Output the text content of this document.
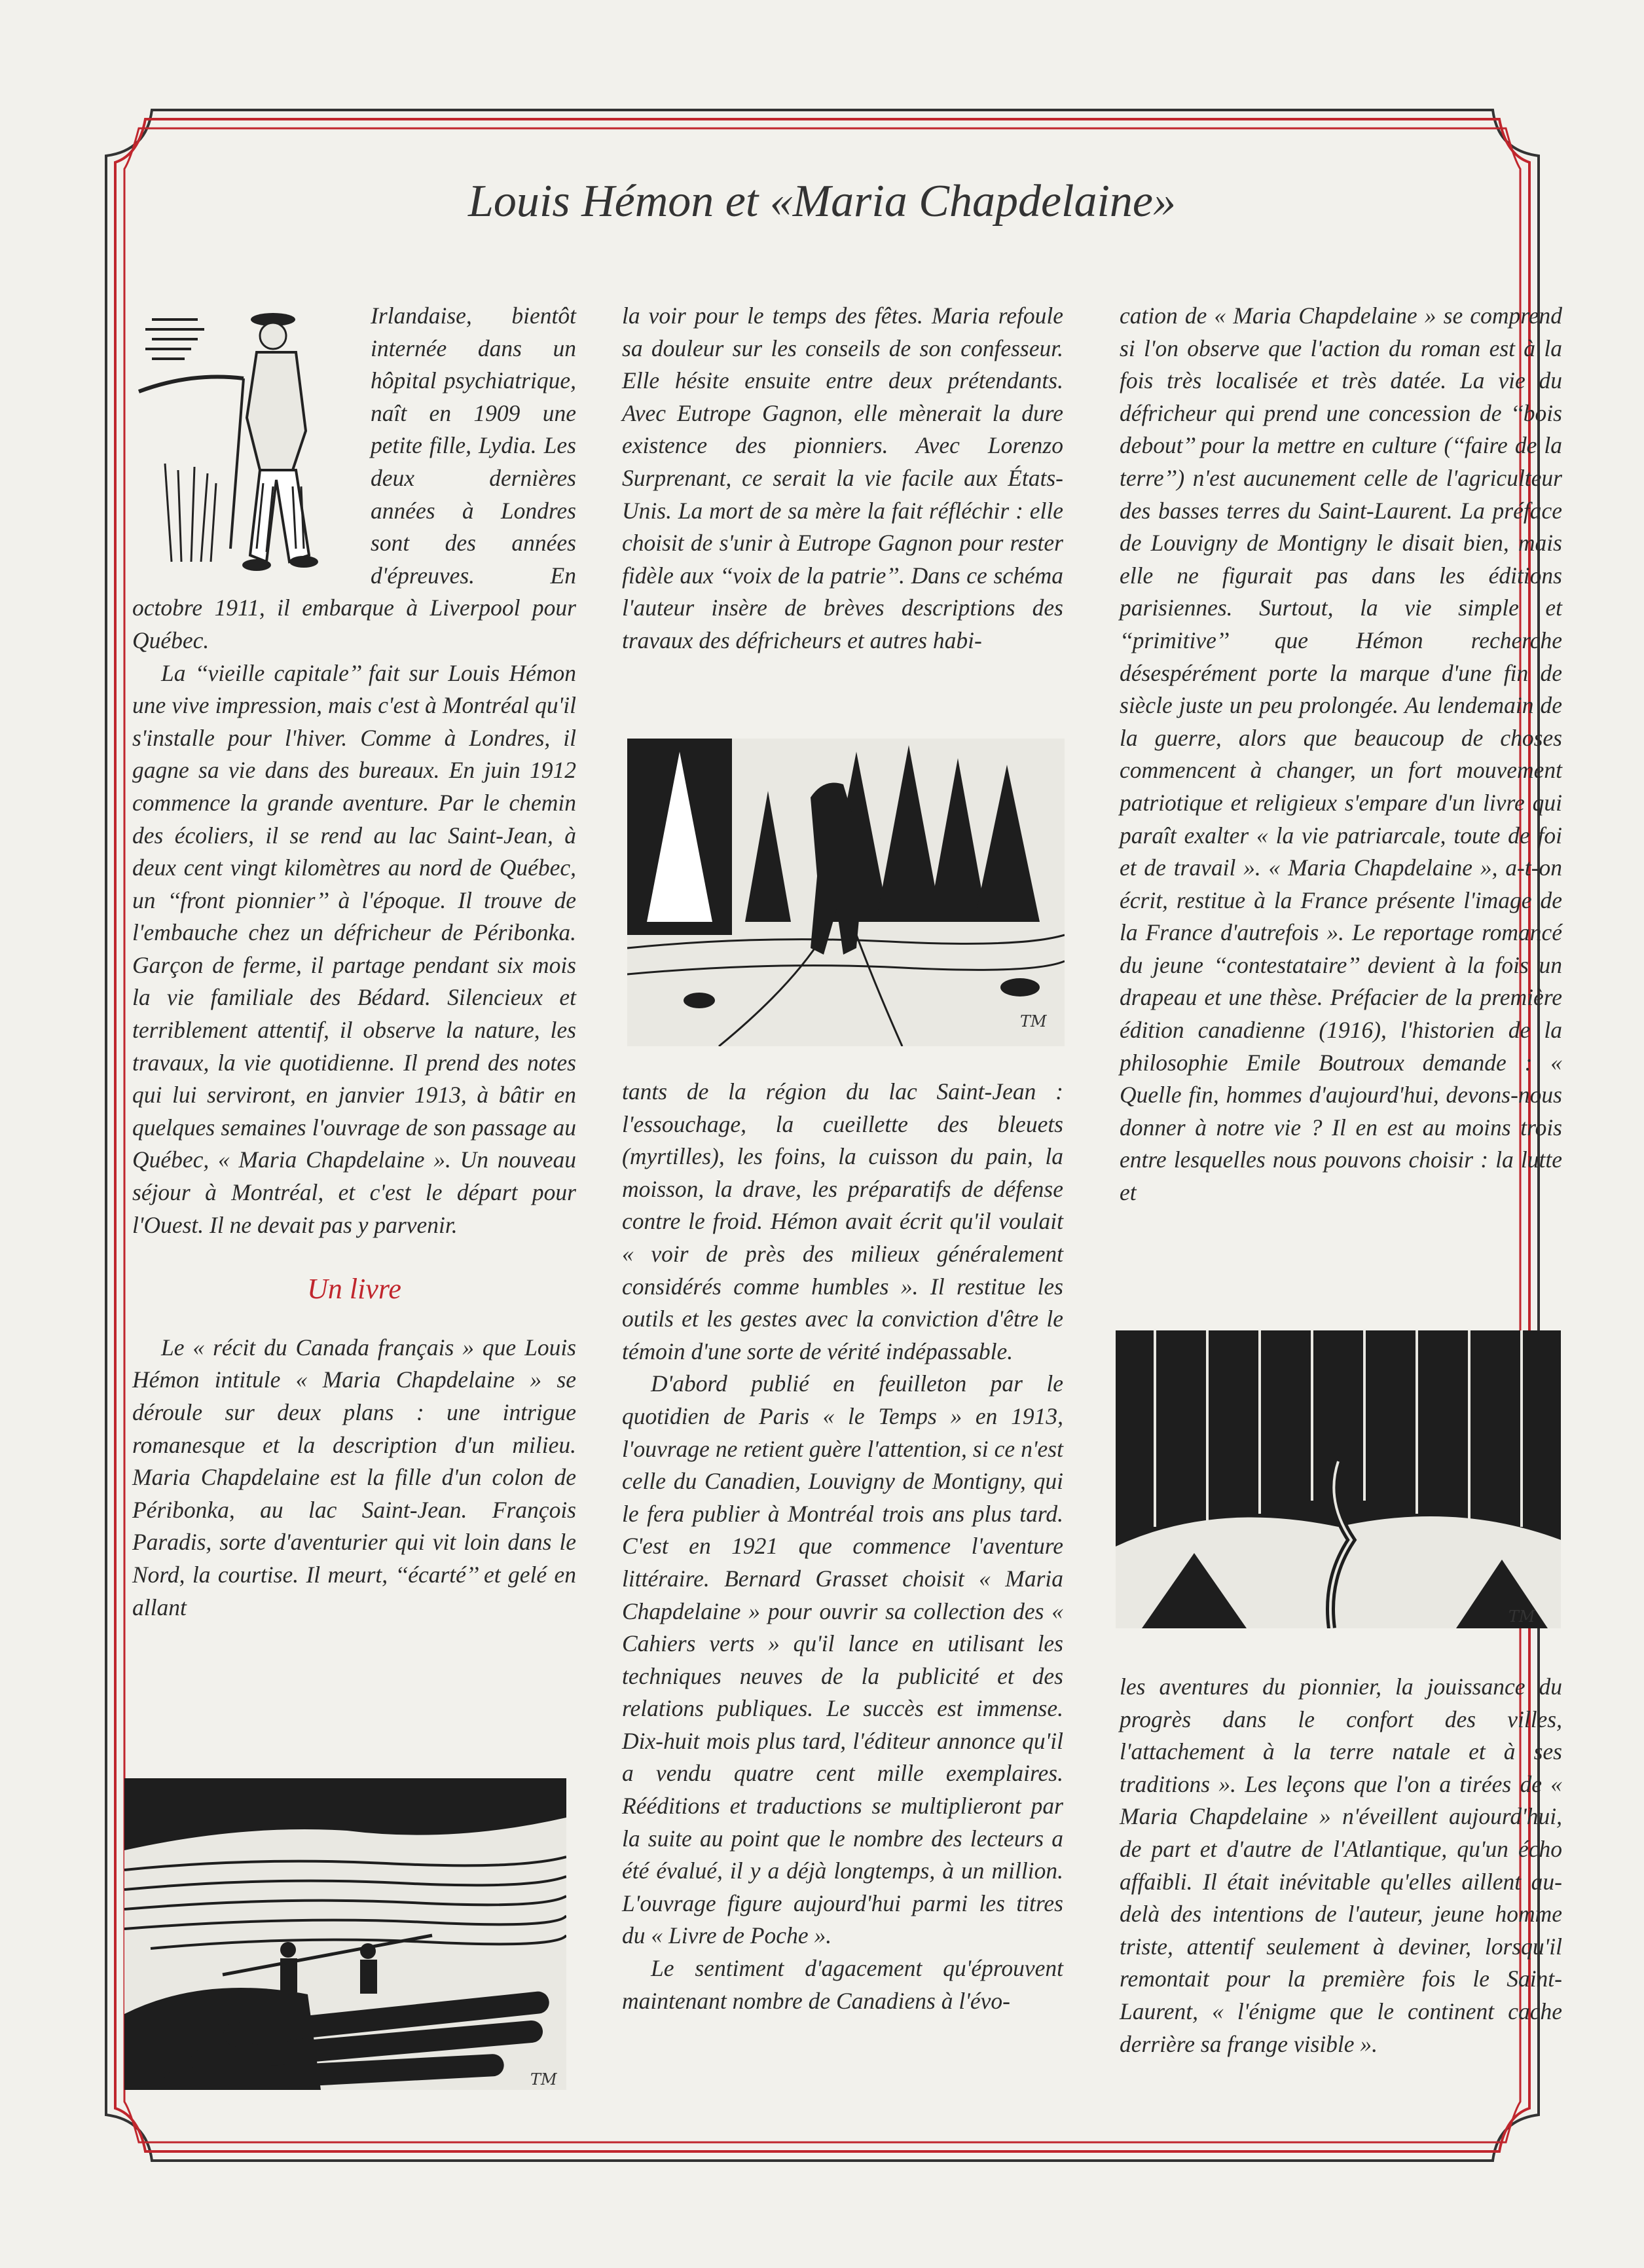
Louis Hémon et «Maria Chapdelaine»

Irlandaise, bientôt internée dans un hôpital psychiatrique, naît en 1909 une petite fille, Lydia. Les deux dernières années à Londres sont des années d'épreuves. En octobre 1911, il embarque à Liverpool pour Québec.

La ‘‘vieille capitale’’ fait sur Louis Hémon une vive impression, mais c'est à Montréal qu'il s'installe pour l'hiver. Comme à Londres, il gagne sa vie dans des bureaux. En juin 1912 commence la grande aventure. Par le chemin des écoliers, il se rend au lac Saint-Jean, à deux cent vingt kilomètres au nord de Québec, un ‘‘front pionnier’’ à l'époque. Il trouve de l'embauche chez un défricheur de Péribonka. Garçon de ferme, il partage pendant six mois la vie familiale des Bédard. Silencieux et terriblement attentif, il observe la nature, les travaux, la vie quotidienne. Il prend des notes qui lui serviront, en janvier 1913, à bâtir en quelques semaines l'ouvrage de son passage au Québec, « Maria Chapdelaine ». Un nouveau séjour à Montréal, et c'est le départ pour l'Ouest. Il ne devait pas y parvenir.

Un livre

Le « récit du Canada français » que Louis Hémon intitule « Maria Chapdelaine » se déroule sur deux plans : une intrigue romanesque et la description d'un milieu. Maria Chapdelaine est la fille d'un colon de Péribonka, au lac Saint-Jean. François Paradis, sorte d'aventurier qui vit loin dans le Nord, la courtise. Il meurt, ‘‘écarté’’ et gelé en allant

TM

la voir pour le temps des fêtes. Maria refoule sa douleur sur les conseils de son confesseur. Elle hésite ensuite entre deux prétendants. Avec Eutrope Gagnon, elle mènerait la dure existence des pionniers. Avec Lorenzo Surprenant, ce serait la vie facile aux États-Unis. La mort de sa mère la fait réfléchir : elle choisit de s'unir à Eutrope Gagnon pour rester fidèle aux ‘‘voix de la patrie’’. Dans ce schéma l'auteur insère de brèves descriptions des travaux des défricheurs et autres habi-

TM

tants de la région du lac Saint-Jean : l'essouchage, la cueillette des bleuets (myrtilles), les foins, la cuisson du pain, la moisson, la drave, les préparatifs de défense contre le froid. Hémon avait écrit qu'il voulait « voir de près des milieux généralement considérés comme humbles ». Il restitue les outils et les gestes avec la conviction d'être le témoin d'une sorte de vérité indépassable.

D'abord publié en feuilleton par le quotidien de Paris « le Temps » en 1913, l'ouvrage ne retient guère l'attention, si ce n'est celle du Canadien, Louvigny de Montigny, qui le fera publier à Montréal trois ans plus tard. C'est en 1921 que commence l'aventure littéraire. Bernard Grasset choisit « Maria Chapdelaine » pour ouvrir sa collection des « Cahiers verts » qu'il lance en utilisant les techniques neuves de la publicité et des relations publiques. Le succès est immense. Dix-huit mois plus tard, l'éditeur annonce qu'il a vendu quatre cent mille exemplaires. Rééditions et traductions se multiplieront par la suite au point que le nombre des lecteurs a été évalué, il y a déjà longtemps, à un million. L'ouvrage figure aujourd'hui parmi les titres du « Livre de Poche ».

Le sentiment d'agacement qu'éprouvent maintenant nombre de Canadiens à l'évo-

cation de « Maria Chapdelaine » se comprend si l'on observe que l'action du roman est à la fois très localisée et très datée. La vie du défricheur qui prend une concession de ‘‘bois debout’’ pour la mettre en culture (‘‘faire de la terre’’) n'est aucunement celle de l'agriculteur des basses terres du Saint-Laurent. La préface de Louvigny de Montigny le disait bien, mais elle ne figurait pas dans les éditions parisiennes. Surtout, la vie simple et ‘‘primitive’’ que Hémon recherche désespérément porte la marque d'une fin de siècle juste un peu prolongée. Au lendemain de la guerre, alors que beaucoup de choses commencent à changer, un fort mouvement patriotique et religieux s'empare d'un livre qui paraît exalter « la vie patriarcale, toute de foi et de travail ». « Maria Chapdelaine », a-t-on écrit, restitue à la France présente l'image de la France d'autrefois ». Le reportage romancé du jeune ‘‘contestataire’’ devient à la fois un drapeau et une thèse. Préfacier de la première édition canadienne (1916), l'historien de la philosophie Emile Boutroux demande : « Quelle fin, hommes d'aujourd'hui, devons-nous donner à notre vie ? Il en est au moins trois entre lesquelles nous pouvons choisir : la lutte et

TM

les aventures du pionnier, la jouissance du progrès dans le confort des villes, l'attachement à la terre natale et à ses traditions ». Les leçons que l'on a tirées de « Maria Chapdelaine » n'éveillent aujourd'hui, de part et d'autre de l'Atlantique, qu'un écho affaibli. Il était inévitable qu'elles aillent au-delà des intentions de l'auteur, jeune homme triste, attentif seulement à deviner, lorsqu'il remontait pour la première fois le Saint-Laurent, « l'énigme que le continent cache derrière sa frange visible ».
